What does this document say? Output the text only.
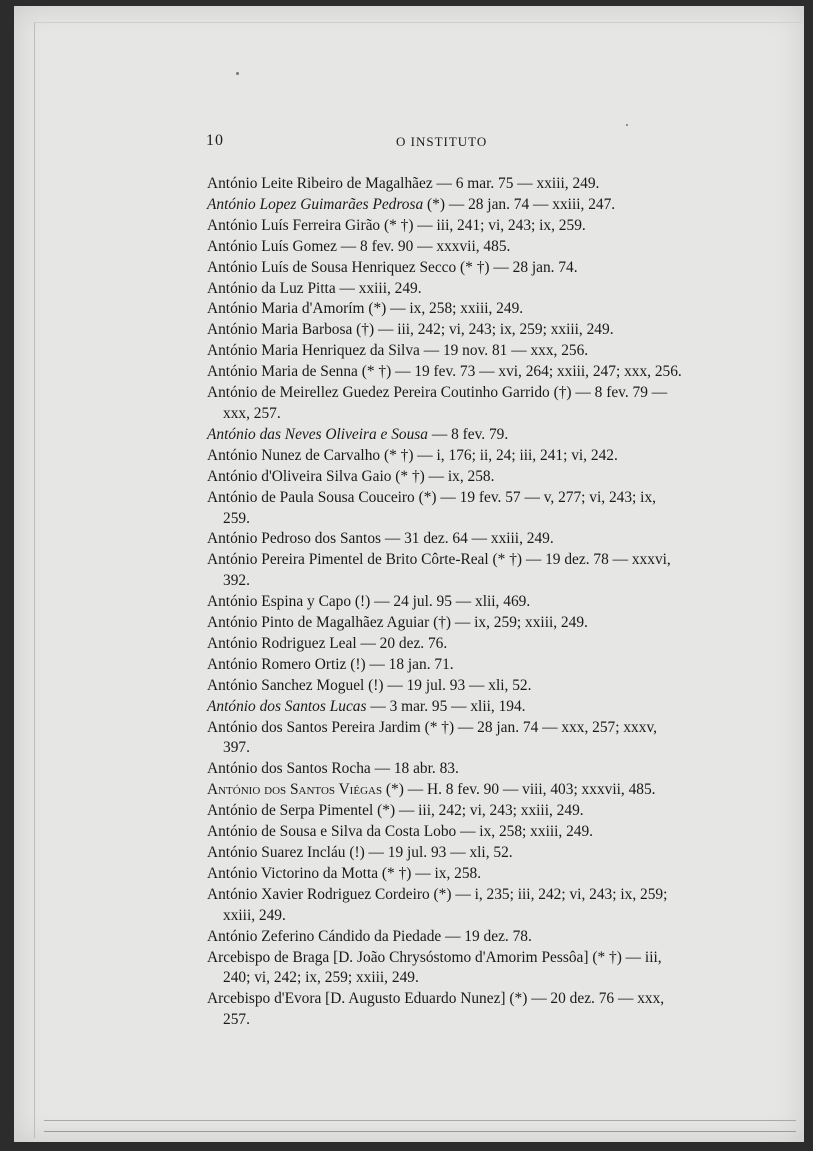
10	O INSTITUTO

António Leite Ribeiro de Magalhãez — 6 mar. 75 — xxiii, 249.

António Lopez Guimarães Pedrosa (*) — 28 jan. 74 — xxiii, 247.

António Luís Ferreira Girão (* †) — iii, 241; vi, 243; ix, 259.

António Luís Gomez — 8 fev. 90 — xxxvii, 485.

António Luís de Sousa Henriquez Secco (* †) — 28 jan. 74.

António da Luz Pitta — xxiii, 249.

António Maria d'Amorím (*) — ix, 258; xxiii, 249.

António Maria Barbosa (†) — iii, 242; vi, 243; ix, 259; xxiii, 249.

António Maria Henriquez da Silva — 19 nov. 81 — xxx, 256.

António Maria de Senna (* †) — 19 fev. 73 — xvi, 264; xxiii, 247; xxx, 256.

António de Meirellez Guedez Pereira Coutinho Garrido (†) — 8 fev. 79 — xxx, 257.

António das Neves Oliveira e Sousa — 8 fev. 79.

António Nunez de Carvalho (* †) — i, 176; ii, 24; iii, 241; vi, 242.

António d'Oliveira Silva Gaio (* †) — ix, 258.

António de Paula Sousa Couceiro (*) — 19 fev. 57 — v, 277; vi, 243; ix, 259.

António Pedroso dos Santos — 31 dez. 64 — xxiii, 249.

António Pereira Pimentel de Brito Côrte-Real (* †) — 19 dez. 78 — xxxvi, 392.

António Espina y Capo (!) — 24 jul. 95 — xlii, 469.

António Pinto de Magalhãez Aguiar (†) — ix, 259; xxiii, 249.

António Rodriguez Leal — 20 dez. 76.

António Romero Ortiz (!) — 18 jan. 71.

António Sanchez Moguel (!) — 19 jul. 93 — xli, 52.

António dos Santos Lucas — 3 mar. 95 — xlii, 194.

António dos Santos Pereira Jardim (* †) — 28 jan. 74 — xxx, 257; xxxv, 397.

António dos Santos Rocha — 18 abr. 83.

António dos Santos Viégas (*) — H. 8 fev. 90 — viii, 403; xxxvii, 485.

António de Serpa Pimentel (*) — iii, 242; vi, 243; xxiii, 249.

António de Sousa e Silva da Costa Lobo — ix, 258; xxiii, 249.

António Suarez Incláu (!) — 19 jul. 93 — xli, 52.

António Victorino da Motta (* †) — ix, 258.

António Xavier Rodriguez Cordeiro (*) — i, 235; iii, 242; vi, 243; ix, 259; xxiii, 249.

António Zeferino Cándido da Piedade — 19 dez. 78.

Arcebispo de Braga [D. João Chrysóstomo d'Amorim Pessôa] (* †) — iii, 240; vi, 242; ix, 259; xxiii, 249.

Arcebispo d'Evora [D. Augusto Eduardo Nunez] (*) — 20 dez. 76 — xxx, 257.
